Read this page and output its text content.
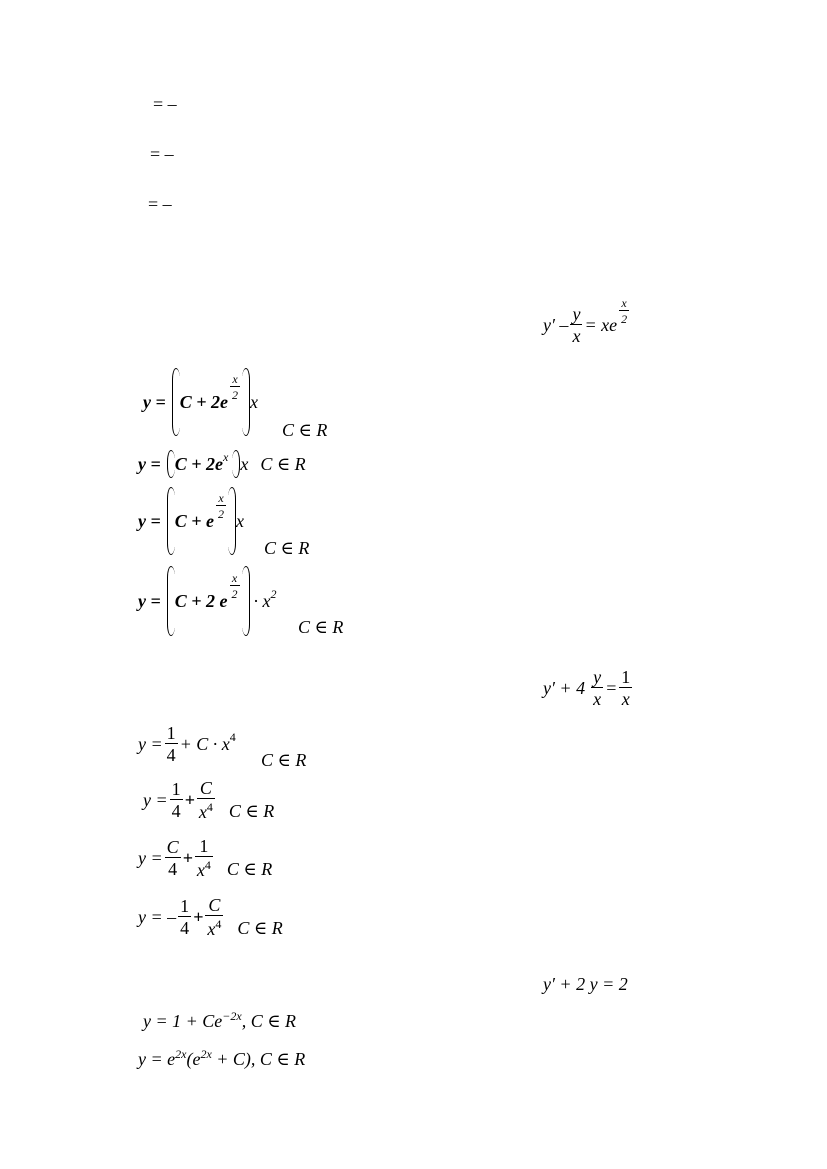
= –
= –
= –
$y' - \frac{y}{x}$ = xe $\frac{x}{2}$
y = C + 2e
$\frac{x}{2}$
x
C ∈ R
$y = C + 2e^x$ x C ∈ R
y = C + e
$\frac{x}{2}$
x
C ∈ R
y = C + 2 e
$\frac{x}{2}$
· $x^2$
C ∈ R
$y' + 4 \frac{y}{x} = \frac{1}{x}$
$y = \frac{1}{4} + C \cdot x^4$
C ∈ R
$y = \frac{1}{4} + \frac{C}{x^4}$ C ∈ R
$y = \frac{C}{4} + \frac{1}{x^4}$ C ∈ R
y = – $\frac{1}{4} + \frac{C}{x^4}$ C ∈ R
y′ + 2 y = 2
$y = 1 + Ce^{-2x}$, C ∈ R
$y = e^{2x}(e^{2x} + C)$, C ∈ R
